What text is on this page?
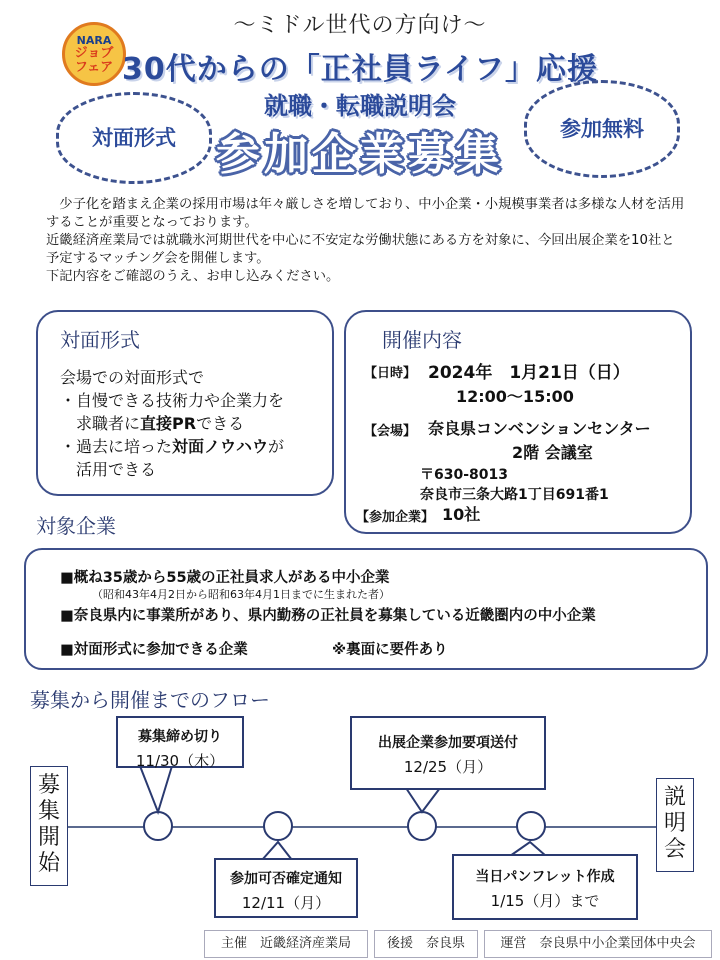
〜ミドル世代の方向け〜
NARA
ジョブ
フェア 30代からの「正社員ライフ」応援
就職・転職説明会
参加企業募集
対面形式	参加無料

　少子化を踏まえ企業の採用市場は年々厳しさを増しており、中小企業・小規模事業者は多様な人材を活用することが重要となっております。

近畿経済産業局では就職氷河期世代を中心に不安定な労働状態にある方を対象に、今回出展企業を10社と予定するマッチング会を開催します。

下記内容をご確認のうえ、お申し込みください。

対面形式
会場での対面形式で
・自慢できる技術力や企業力を
求職者に直接PRできる
・過去に培った対面ノウハウが
活用できる
開催内容
【日時】 2024年　1月21日（日）
12:00〜15:00
【会場】 奈良県コンベンションセンター
2階 会議室
〒630-8013
奈良市三条大路1丁目691番1
【参加企業】 10社
対象企業
■概ね35歳から55歳の正社員求人がある中小企業
（昭和43年4月2日から昭和63年4月1日までに生まれた者）
■奈良県内に事業所があり、県内勤務の正社員を募集している近畿圏内の中小企業
■対面形式に参加できる企業	※裏面に要件あり
募集から開催までのフロー
募
集
開
始
説
明
会
募集締め切り
11/30（木）
参加可否確定通知
12/11（月）
出展企業参加要項送付
12/25（月）
当日パンフレット作成
1/15（月）まで
主催　近畿経済産業局	後援　奈良県	運営　奈良県中小企業団体中央会
